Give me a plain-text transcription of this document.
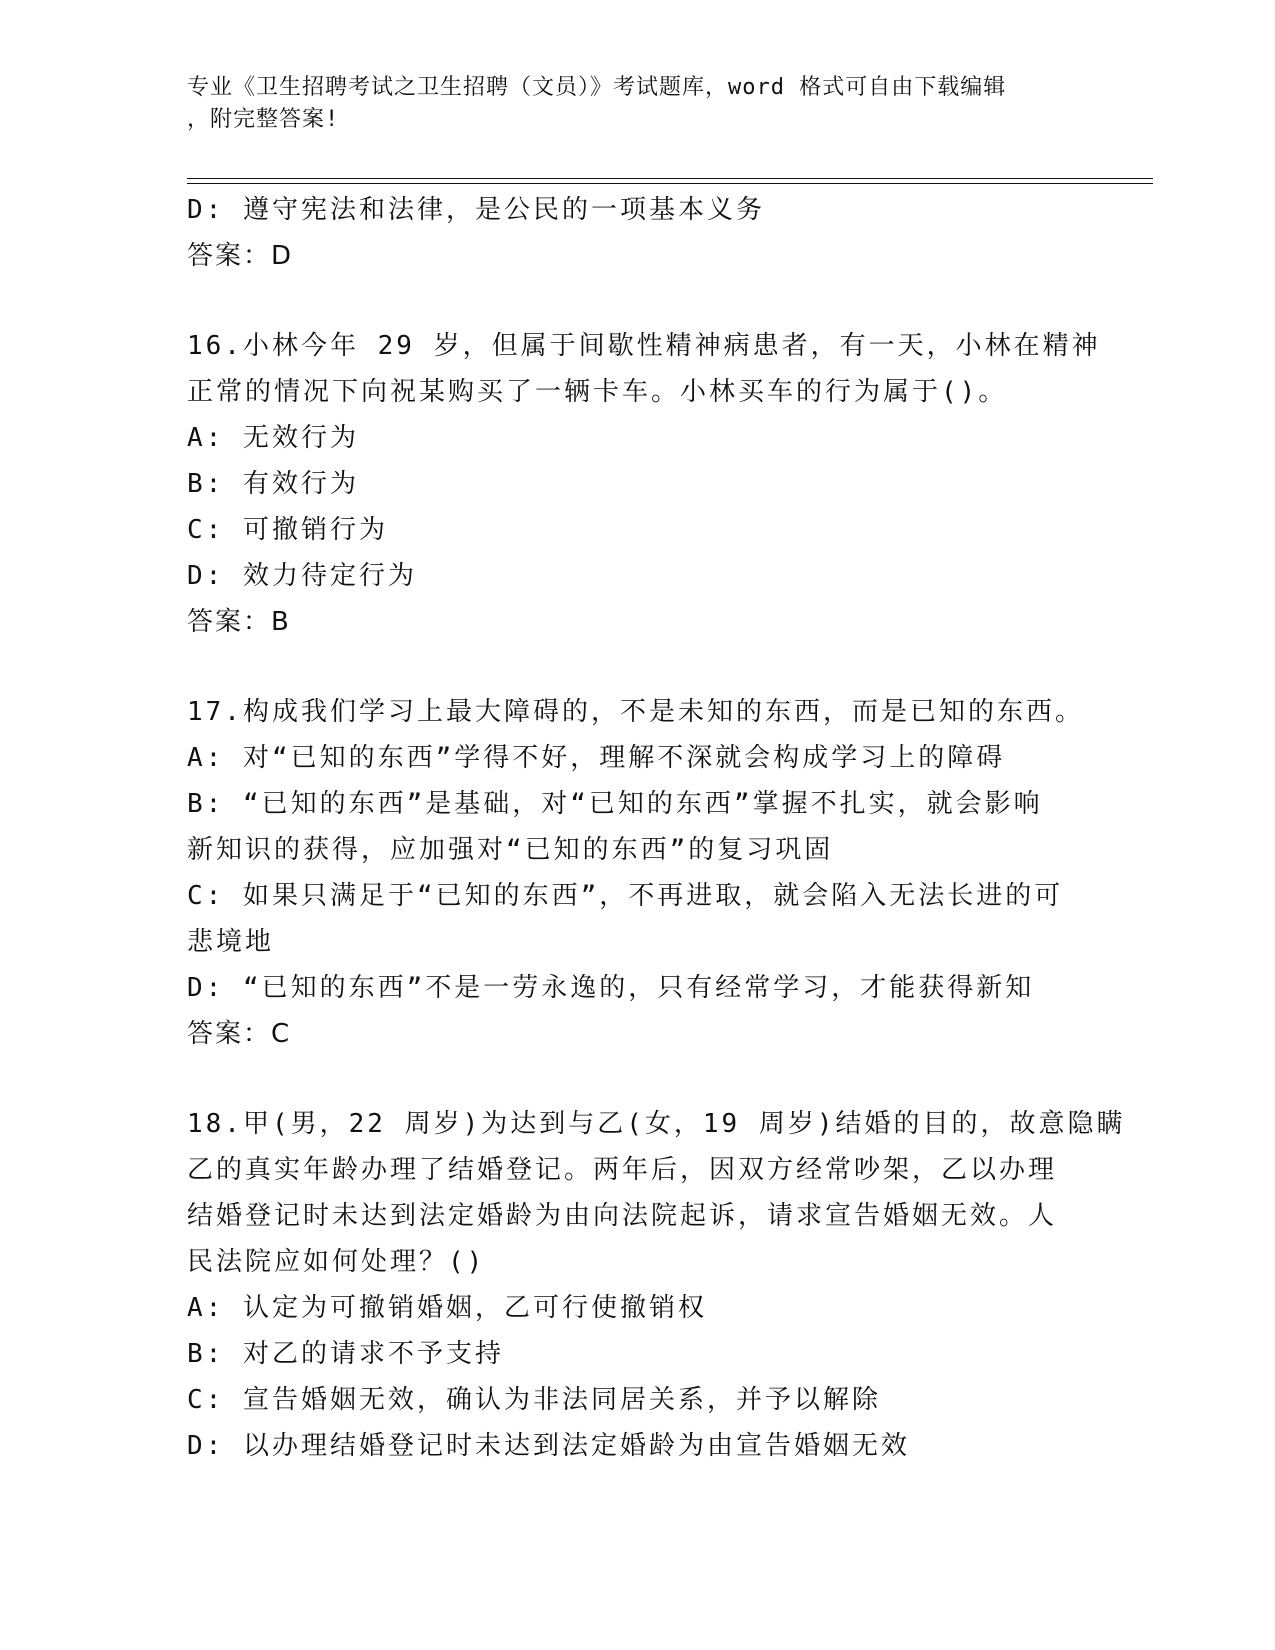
专业《卫生招聘考试之卫生招聘（文员）》考试题库，word 格式可自由下载编辑
，附完整答案!
D: 遵守宪法和法律，是公民的一项基本义务
答案：D
16.小林今年 29 岁，但属于间歇性精神病患者，有一天，小林在精神
正常的情况下向祝某购买了一辆卡车。小林买车的行为属于()。
A: 无效行为
B: 有效行为
C: 可撤销行为
D: 效力待定行为
答案：B
17.构成我们学习上最大障碍的，不是未知的东西，而是已知的东西。
A: 对“已知的东西”学得不好，理解不深就会构成学习上的障碍
B: “已知的东西”是基础，对“已知的东西”掌握不扎实，就会影响
新知识的获得，应加强对“已知的东西”的复习巩固
C: 如果只满足于“已知的东西”，不再进取，就会陷入无法长进的可
悲境地
D: “已知的东西”不是一劳永逸的，只有经常学习，才能获得新知
答案：C
18.甲(男，22 周岁)为达到与乙(女，19 周岁)结婚的目的，故意隐瞒
乙的真实年龄办理了结婚登记。两年后，因双方经常吵架，乙以办理
结婚登记时未达到法定婚龄为由向法院起诉，请求宣告婚姻无效。人
民法院应如何处理？()
A: 认定为可撤销婚姻，乙可行使撤销权
B: 对乙的请求不予支持
C: 宣告婚姻无效，确认为非法同居关系，并予以解除
D: 以办理结婚登记时未达到法定婚龄为由宣告婚姻无效
